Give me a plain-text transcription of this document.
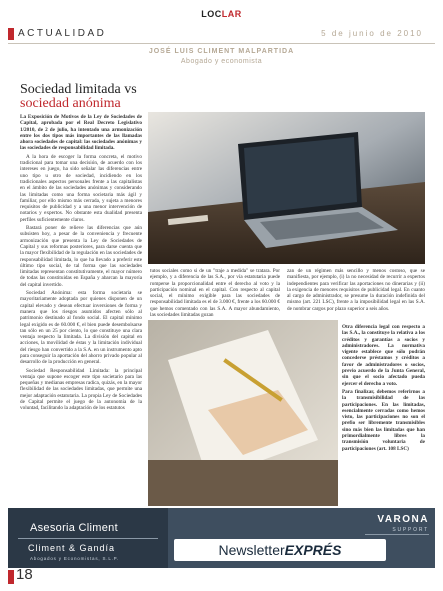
LOCLAR
ACTUALIDAD	5 de junio de 2010
JOSÉ LUIS CLIMENT MALPARTIDA
Abogado y economista
Sociedad limitada vs
sociedad anónima

La Exposición de Motivos de la Ley de Sociedades de Capital, aprobada por el Real Decreto Legislativo 1/2010, de 2 de julio, ha intentado una armonización entre los dos tipos más importantes de las llamadas ahora sociedades de capital: las sociedades anónimas y las sociedades de responsabilidad limitada.

A la hora de escoger la forma concreta, el motivo tradicional para tomar una decisión, de acuerdo con los intereses en juego, ha sido señalar las diferencias entre uno tipo u otro de sociedad, incidiendo en los tradicionales aspectos personales frente a las capitalistas en el ámbito de las sociedades anónimas y considerando las limitadas como una forma societaria más ágil y familiar, por ello mismo más cerrada, y sujeta a menores requisitos de publicidad y a una menor intervención de notarios y expertos. No obstante esta dualidad presenta perfiles suficientemente claros.

Bastará poner de relieve las diferencias que aún subsisten hoy, a pesar de la conveniencia y frecuente armonización que presenta la Ley de Sociedades de Capital y sus reformas posteriores, para darse cuenta que la mayor flexibilidad de la regulación en las sociedades de responsabilidad limitada, lo que ha llevado a preferir este último tipo social, de tal forma que las sociedades limitadas representan constitutivamente, el mayor número de todas las constituidas en España y abarcan la mayoría del capital invertido.

Sociedad Anónima: esta forma societaria se mayoritariamente adoptada por quienes disponen de un capital elevado y desean efectuar inversiones de forma y manera que los riesgos asumidos afecten sólo al patrimonio destinado al fondo social. El capital mínimo legal exigido es de 60.000 €, el bien puede desembolsarse tan sólo en un 25 por ciento, lo que constituye una clara ventaja respecto la limitada. La división del capital en acciones, la movilidad de éstas y la limitación individual del riesgo han convertido a la S.A. en un instrumento apto para conseguir la aportación del ahorro privado popular al desarrollo de la producción en general.

Sociedad Responsabilidad Limitada: la principal ventaja que supone escoger este tipo societario para las pequeñas y medianas empresas radica, quizás, en la mayor flexibilidad de las sociedades limitadas, que permite una mejor adaptación estatutaria. La propia Ley de Sociedades de Capital permite el juego de la autonomía de la voluntad, facilitando la adaptación de los estatutos

tutos sociales como si de un "traje a medida" se tratara. Por ejemplo, y a diferencia de las S.A., por vía estatutaria puede romperse la proporcionalidad entre el derecho al voto y la participación nominal en el capital. Con respecto al capital social, el mínimo exigible para las sociedades de responsabilidad limitada es el de 3.000 €, frente a los 60.000 € que hemos comentado con las S.A. A mayor abundamiento, las sociedades limitadas gozan

zan de un régimen más sencillo y menos costoso, que se manifiesta, por ejemplo, (i) la no necesidad de recurrir a expertos independientes para verificar las aportaciones no dinerarias y (ii) la exigencia de menores requisitos de publicidad legal. En cuanto al cargo de administrador, se presume la duración indefinida del mismo (art. 221 LSC), frente a la imposibilidad legal en las S.A. de nombrar cargos por plazo superior a seis años.

Otra diferencia legal con respecto a las S.A., la constituye la relativa a los créditos y garantías a socios y administradores. La normativa vigente establece que sólo podrán concederse préstamos y créditos a favor de administradores o socios, previo acuerdo de la Junta General, sin que el socio afectado pueda ejercer el derecho a voto.

Para finalizar, debemos referirnos a la transmisibilidad de las participaciones. En las limitadas, esencialmente cerradas como hemos visto, las participaciones no son el prefio ser libremente transmisibles sino más bien las limitadas que han primordialmente libres la transmisión voluntaria de participaciones (art. 108 LSC)

Asesoria Climent
Climent & Gandía
Abogados y Economistas, S.L.P.
NewsletterEXPRÉS
VARONA
SUPPORT
18
